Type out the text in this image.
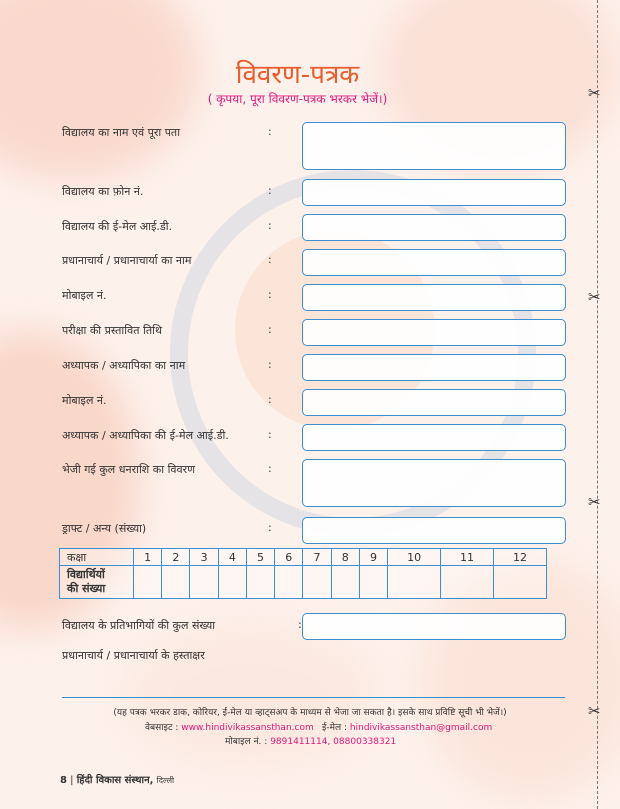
✂
✂
✂
✂
विवरण-पत्रक
( कृपया, पूरा विवरण-पत्रक भरकर भेजें।)
विद्यालय का नाम एवं पूरा पता	:
विद्यालय का फ़ोन नं.	:
विद्यालय की ई-मेल आई.डी.	:
प्रधानाचार्य / प्रधानाचार्या का नाम	:
मोबाइल नं.	:
परीक्षा की प्रस्तावित तिथि	:
अध्यापक / अध्यापिका का नाम	:
मोबाइल नं.	:
अध्यापक / अध्यापिका की ई-मेल आई.डी.	:
भेजी गई कुल धनराशि का विवरण	:
ड्राफ्ट / अन्य (संख्या)	:
कक्षा	1	2	3	4	5	6	7	8	9	10	11	12
विद्यार्थियों
की संख्या												
विद्यालय के प्रतिभागियों की कुल संख्या	:
प्रधानाचार्य / प्रधानाचार्या के हस्ताक्षर
(यह पत्रक भरकर डाक, कोरियर, ई-मेल या व्हाट्सअप के माध्यम से भेजा जा सकता है। इसके साथ प्रविष्टि सूची भी भेजें।)
वेबसाइट : www.hindivikassansthan.com ई-मेल : hindivikassansthan@gmail.com
मोबाइल नं. : 9891411114, 08800338321
8 | हिंदी विकास संस्थान, दिल्ली
